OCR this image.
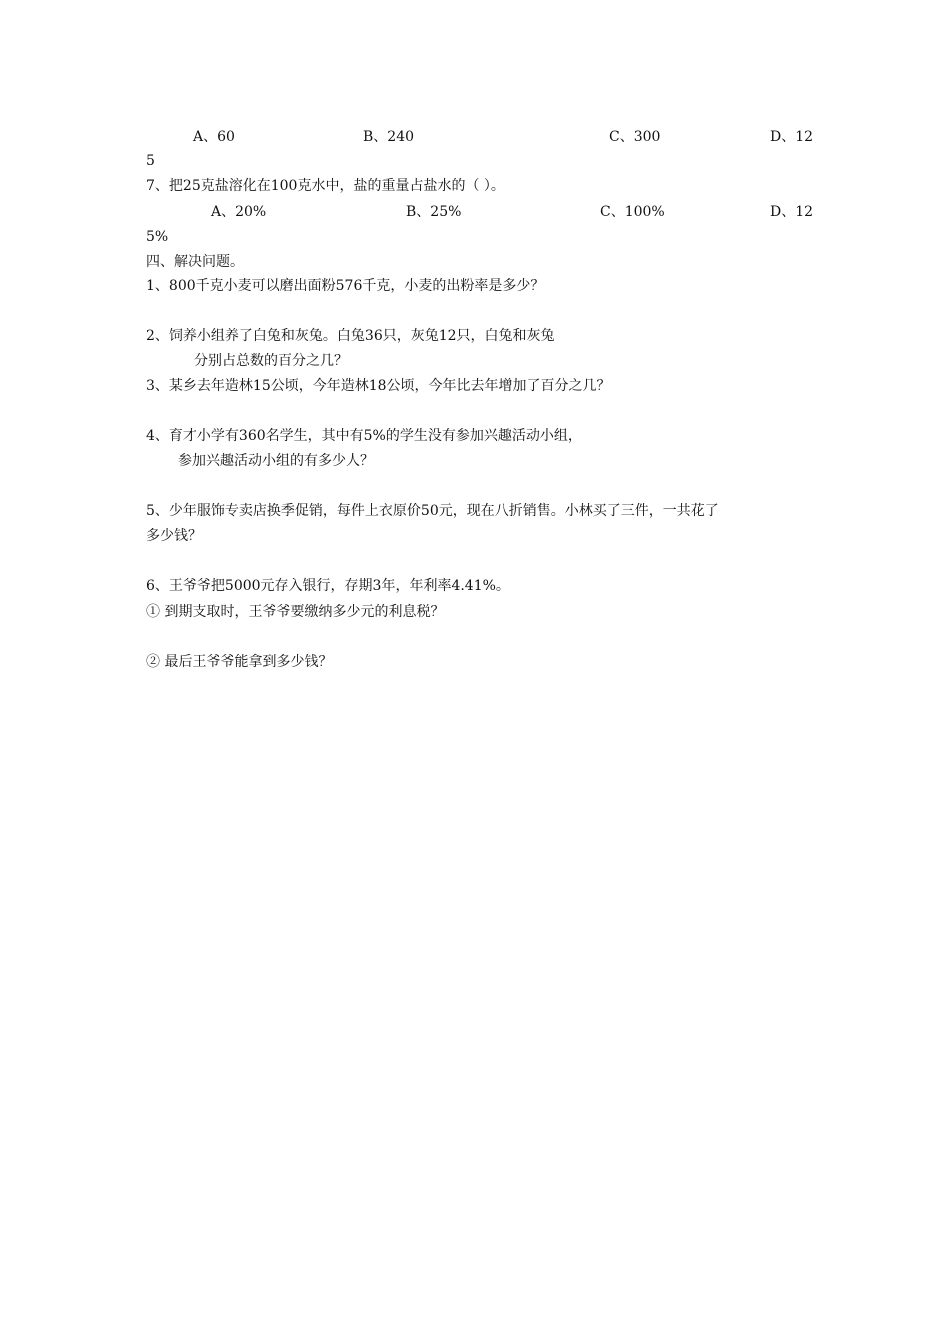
A、60	B、240	C、300	D、12
5
7、把25克盐溶化在100克水中，盐的重量占盐水的（ ）。
A、20%	B、25%	C、100%	D、12
5%
四、解决问题。
1、800千克小麦可以磨出面粉576千克，小麦的出粉率是多少？
2、饲养小组养了白兔和灰兔。白兔36只，灰兔12只，白兔和灰兔
分别占总数的百分之几？
3、某乡去年造林15公顷，今年造林18公顷，今年比去年增加了百分之几？
4、育才小学有360名学生，其中有5%的学生没有参加兴趣活动小组，
参加兴趣活动小组的有多少人？
5、少年服饰专卖店换季促销，每件上衣原价50元，现在八折销售。小林买了三件，一共花了
多少钱？
6、王爷爷把5000元存入银行，存期3年，年利率4.41%。
① 到期支取时，王爷爷要缴纳多少元的利息税？
② 最后王爷爷能拿到多少钱？
